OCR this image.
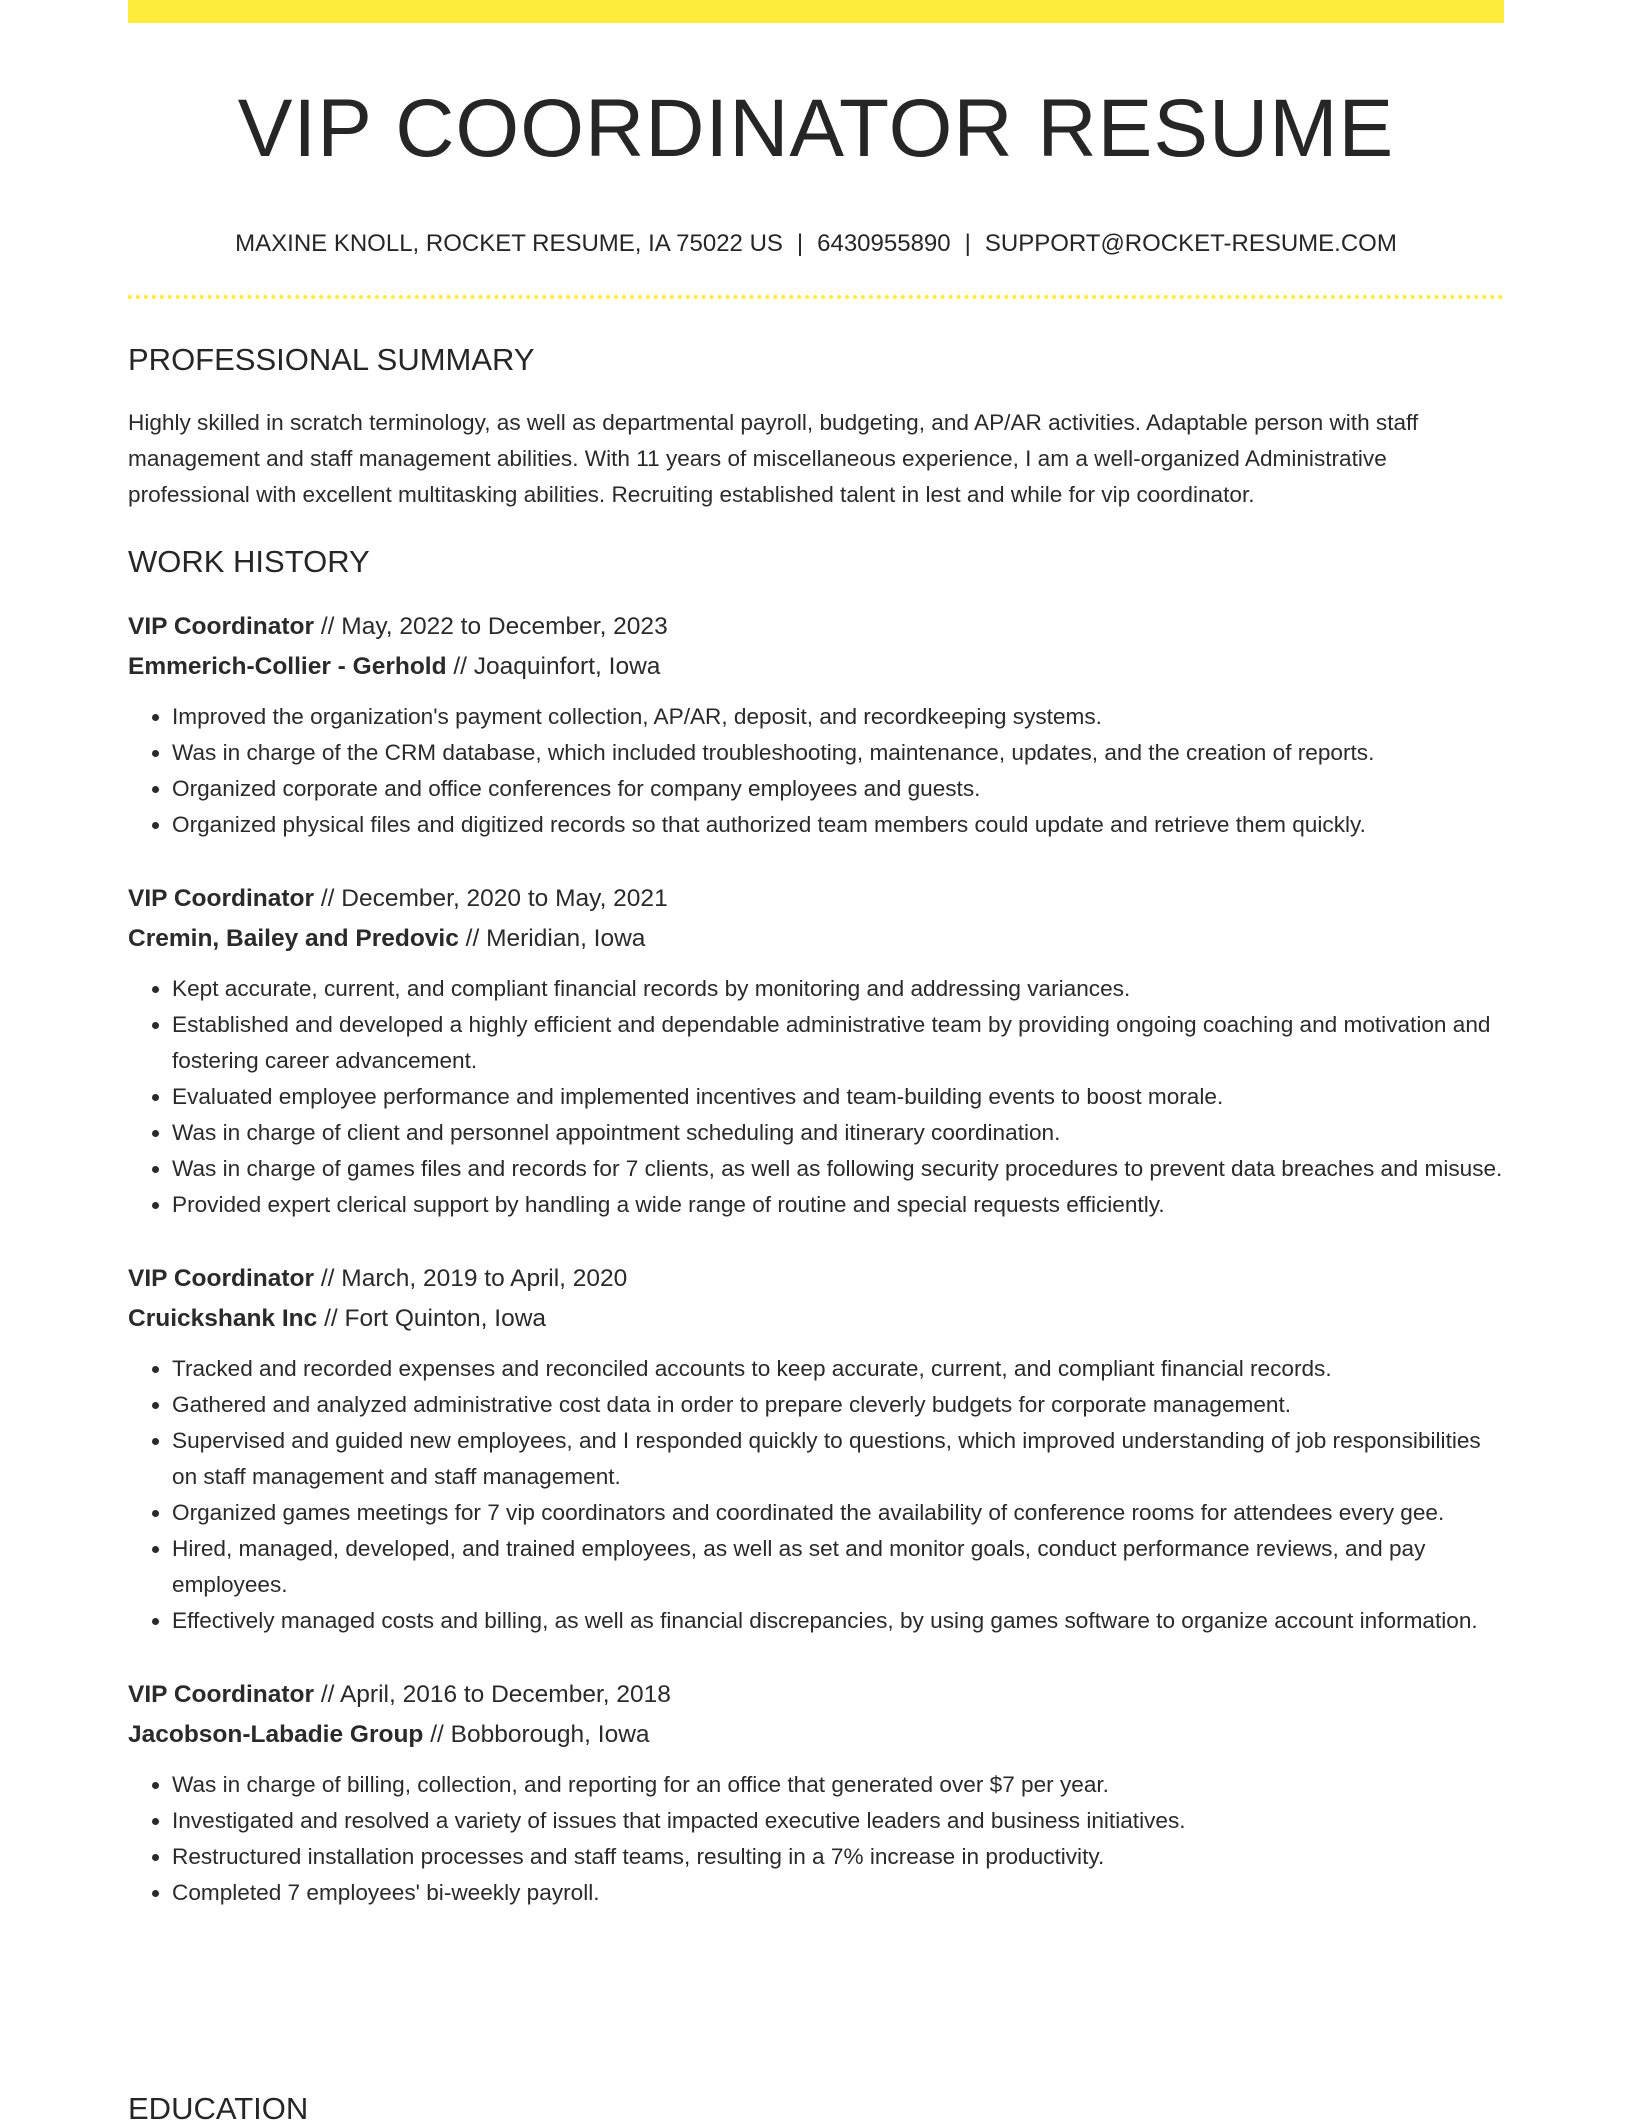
VIP COORDINATOR RESUME
MAXINE KNOLL, ROCKET RESUME, IA 75022 US | 6430955890 | SUPPORT@ROCKET-RESUME.COM
PROFESSIONAL SUMMARY

Highly skilled in scratch terminology, as well as departmental payroll, budgeting, and AP/AR activities. Adaptable person with staff management and staff management abilities. With 11 years of miscellaneous experience, I am a well-organized Administrative professional with excellent multitasking abilities. Recruiting established talent in lest and while for vip coordinator.

WORK HISTORY
VIP Coordinator // May, 2022 to December, 2023
Emmerich-Collier - Gerhold // Joaquinfort, Iowa
• Improved the organization's payment collection, AP/AR, deposit, and recordkeeping systems.
• Was in charge of the CRM database, which included troubleshooting, maintenance, updates, and the creation of reports.
• Organized corporate and office conferences for company employees and guests.
• Organized physical files and digitized records so that authorized team members could update and retrieve them quickly.
VIP Coordinator // December, 2020 to May, 2021
Cremin, Bailey and Predovic // Meridian, Iowa
• Kept accurate, current, and compliant financial records by monitoring and addressing variances.
• Established and developed a highly efficient and dependable administrative team by providing ongoing coaching and motivation and fostering career advancement.
• Evaluated employee performance and implemented incentives and team-building events to boost morale.
• Was in charge of client and personnel appointment scheduling and itinerary coordination.
• Was in charge of games files and records for 7 clients, as well as following security procedures to prevent data breaches and misuse.
• Provided expert clerical support by handling a wide range of routine and special requests efficiently.
VIP Coordinator // March, 2019 to April, 2020
Cruickshank Inc // Fort Quinton, Iowa
• Tracked and recorded expenses and reconciled accounts to keep accurate, current, and compliant financial records.
• Gathered and analyzed administrative cost data in order to prepare cleverly budgets for corporate management.
• Supervised and guided new employees, and I responded quickly to questions, which improved understanding of job responsibilities on staff management and staff management.
• Organized games meetings for 7 vip coordinators and coordinated the availability of conference rooms for attendees every gee.
• Hired, managed, developed, and trained employees, as well as set and monitor goals, conduct performance reviews, and pay employees.
• Effectively managed costs and billing, as well as financial discrepancies, by using games software to organize account information.
VIP Coordinator // April, 2016 to December, 2018
Jacobson-Labadie Group // Bobborough, Iowa
• Was in charge of billing, collection, and reporting for an office that generated over $7 per year.
• Investigated and resolved a variety of issues that impacted executive leaders and business initiatives.
• Restructured installation processes and staff teams, resulting in a 7% increase in productivity.
• Completed 7 employees' bi-weekly payroll.
EDUCATION
